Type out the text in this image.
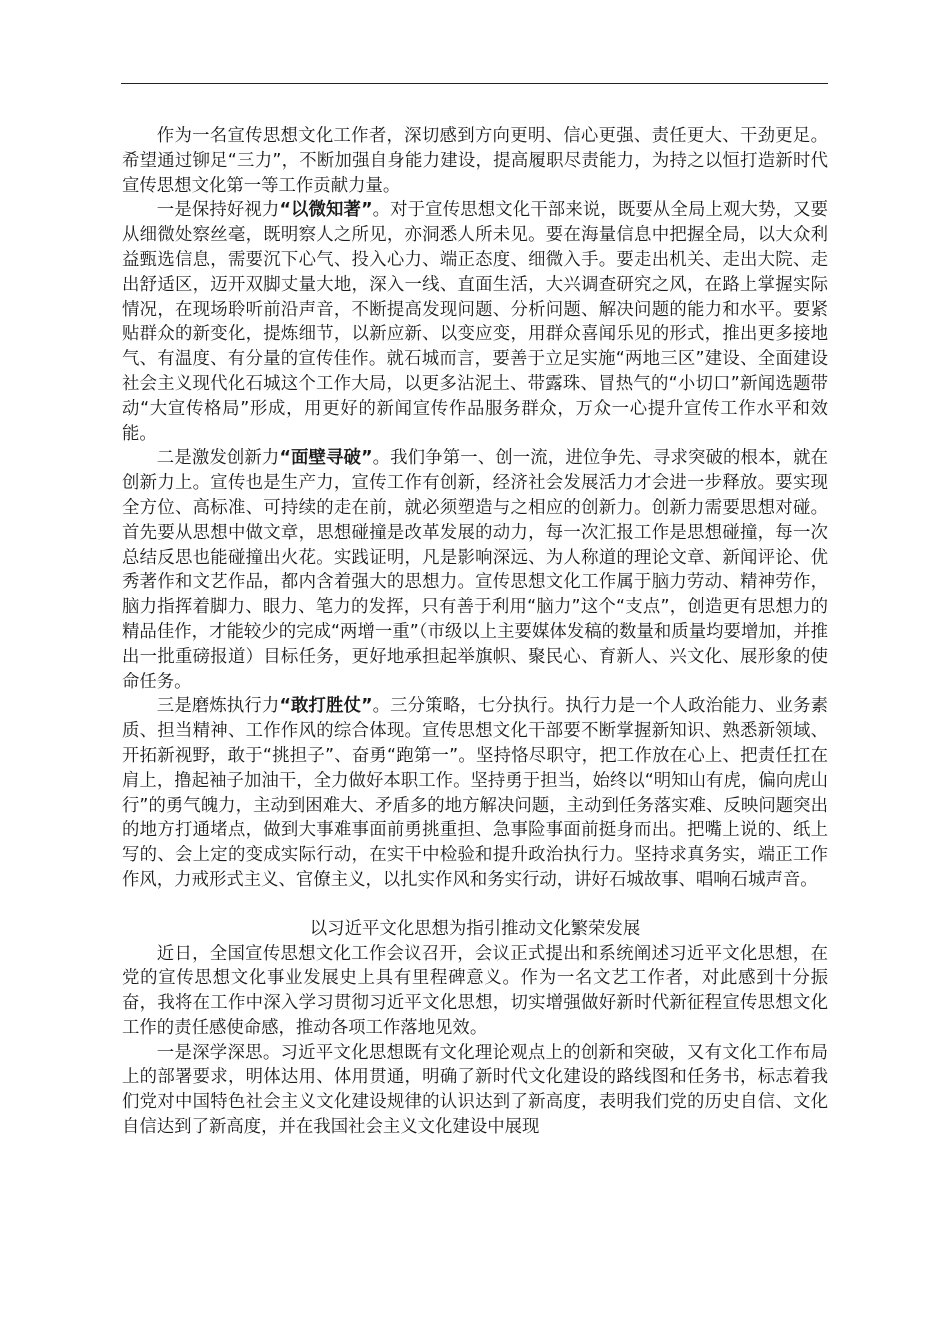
作为一名宣传思想文化工作者，深切感到方向更明、信心更强、责任更大、干劲更足。希望通过铆足“三力”，不断加强自身能力建设，提高履职尽责能力，为持之以恒打造新时代宣传思想文化第一等工作贡献力量。

一是保持好视力“以微知著”。对于宣传思想文化干部来说，既要从全局上观大势，又要从细微处察丝毫，既明察人之所见，亦洞悉人所未见。要在海量信息中把握全局，以大众利益甄选信息，需要沉下心气、投入心力、端正态度、细微入手。要走出机关、走出大院、走出舒适区，迈开双脚丈量大地，深入一线、直面生活，大兴调查研究之风，在路上掌握实际情况，在现场聆听前沿声音，不断提高发现问题、分析问题、解决问题的能力和水平。要紧贴群众的新变化，提炼细节，以新应新、以变应变，用群众喜闻乐见的形式，推出更多接地气、有温度、有分量的宣传佳作。就石城而言，要善于立足实施“两地三区”建设、全面建设社会主义现代化石城这个工作大局，以更多沾泥土、带露珠、冒热气的“小切口”新闻选题带动“大宣传格局”形成，用更好的新闻宣传作品服务群众，万众一心提升宣传工作水平和效能。

二是激发创新力“面壁寻破”。我们争第一、创一流，进位争先、寻求突破的根本，就在创新力上。宣传也是生产力，宣传工作有创新，经济社会发展活力才会进一步释放。要实现全方位、高标准、可持续的走在前，就必须塑造与之相应的创新力。创新力需要思想对碰。首先要从思想中做文章，思想碰撞是改革发展的动力，每一次汇报工作是思想碰撞，每一次总结反思也能碰撞出火花。实践证明，凡是影响深远、为人称道的理论文章、新闻评论、优秀著作和文艺作品，都内含着强大的思想力。宣传思想文化工作属于脑力劳动、精神劳作，脑力指挥着脚力、眼力、笔力的发挥，只有善于利用“脑力”这个“支点”，创造更有思想力的精品佳作，才能较少的完成“两增一重”（市级以上主要媒体发稿的数量和质量均要增加，并推出一批重磅报道）目标任务，更好地承担起举旗帜、聚民心、育新人、兴文化、展形象的使命任务。

三是磨炼执行力“敢打胜仗”。三分策略，七分执行。执行力是一个人政治能力、业务素质、担当精神、工作作风的综合体现。宣传思想文化干部要不断掌握新知识、熟悉新领域、开拓新视野，敢于“挑担子”、奋勇“跑第一”。坚持恪尽职守，把工作放在心上、把责任扛在肩上，撸起袖子加油干，全力做好本职工作。坚持勇于担当，始终以“明知山有虎，偏向虎山行”的勇气魄力，主动到困难大、矛盾多的地方解决问题，主动到任务落实难、反映问题突出的地方打通堵点，做到大事难事面前勇挑重担、急事险事面前挺身而出。把嘴上说的、纸上写的、会上定的变成实际行动，在实干中检验和提升政治执行力。坚持求真务实，端正工作作风，力戒形式主义、官僚主义，以扎实作风和务实行动，讲好石城故事、唱响石城声音。

以习近平文化思想为指引推动文化繁荣发展

近日，全国宣传思想文化工作会议召开，会议正式提出和系统阐述习近平文化思想，在党的宣传思想文化事业发展史上具有里程碑意义。作为一名文艺工作者，对此感到十分振奋，我将在工作中深入学习贯彻习近平文化思想，切实增强做好新时代新征程宣传思想文化工作的责任感使命感，推动各项工作落地见效。

一是深学深思。习近平文化思想既有文化理论观点上的创新和突破，又有文化工作布局上的部署要求，明体达用、体用贯通，明确了新时代文化建设的路线图和任务书，标志着我们党对中国特色社会主义文化建设规律的认识达到了新高度，表明我们党的历史自信、文化自信达到了新高度，并在我国社会主义文化建设中展现
